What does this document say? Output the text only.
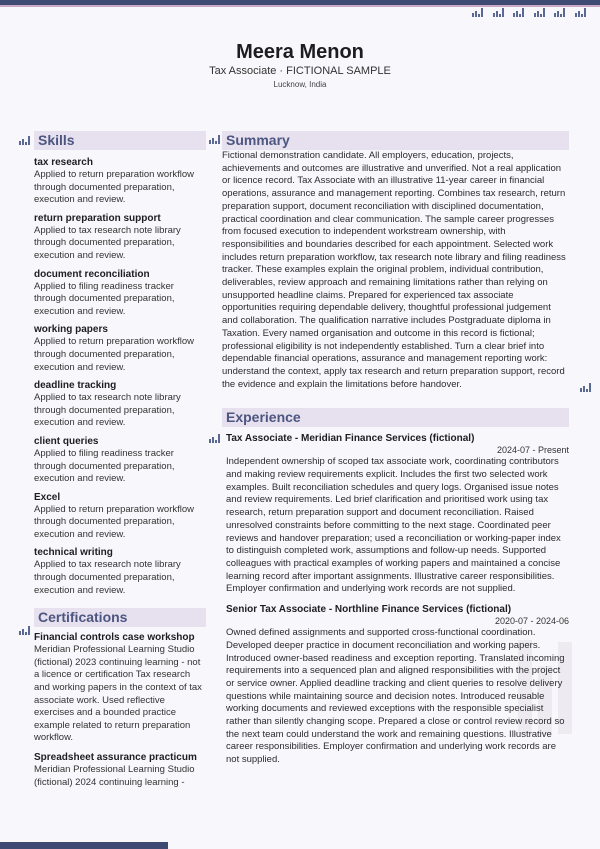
Meera Menon
Tax Associate · FICTIONAL SAMPLE
Lucknow, India
Skills
tax research
Applied to return preparation workflow through documented preparation, execution and review.
return preparation support
Applied to tax research note library through documented preparation, execution and review.
document reconciliation
Applied to filing readiness tracker through documented preparation, execution and review.
working papers
Applied to return preparation workflow through documented preparation, execution and review.
deadline tracking
Applied to tax research note library through documented preparation, execution and review.
client queries
Applied to filing readiness tracker through documented preparation, execution and review.
Excel
Applied to return preparation workflow through documented preparation, execution and review.
technical writing
Applied to tax research note library through documented preparation, execution and review.
Certifications
Financial controls case workshop
Meridian Professional Learning Studio (fictional) 2023 continuing learning - not a licence or certification Tax research and working papers in the context of tax associate work. Used reflective exercises and a bounded practice example related to return preparation workflow.
Spreadsheet assurance practicum
Meridian Professional Learning Studio (fictional) 2024 continuing learning -
Summary
Fictional demonstration candidate. All employers, education, projects, achievements and outcomes are illustrative and unverified. Not a real application or licence record. Tax Associate with an illustrative 11-year career in financial operations, assurance and management reporting. Combines tax research, return preparation support, document reconciliation with disciplined documentation, practical coordination and clear communication. The sample career progresses from focused execution to independent workstream ownership, with responsibilities and boundaries described for each appointment. Selected work includes return preparation workflow, tax research note library and filing readiness tracker. These examples explain the original problem, individual contribution, deliverables, review approach and remaining limitations rather than relying on unsupported headline claims. Prepared for experienced tax associate opportunities requiring dependable delivery, thoughtful professional judgement and collaboration. The qualification narrative includes Postgraduate diploma in Taxation. Every named organisation and outcome in this record is fictional; professional eligibility is not independently established. Turn a clear brief into dependable financial operations, assurance and management reporting work: understand the context, apply tax research and return preparation support, record the evidence and explain the limitations before handover.
Experience
Tax Associate - Meridian Finance Services (fictional)
2024-07 - Present
Independent ownership of scoped tax associate work, coordinating contributors and making review requirements explicit. Includes the first two selected work examples. Built reconciliation schedules and query logs. Organised issue notes and review requirements. Led brief clarification and prioritised work using tax research, return preparation support and document reconciliation. Raised unresolved constraints before committing to the next stage. Coordinated peer reviews and handover preparation; used a reconciliation or working-paper index to distinguish completed work, assumptions and follow-up needs. Supported colleagues with practical examples of working papers and maintained a concise learning record after important assignments. Illustrative career responsibilities. Employer confirmation and underlying work records are not supplied.
Senior Tax Associate - Northline Finance Services (fictional)
2020-07 - 2024-06
Owned defined assignments and supported cross-functional coordination. Developed deeper practice in document reconciliation and working papers. Introduced owner-based readiness and exception reporting. Translated incoming requirements into a sequenced plan and aligned responsibilities with the project or service owner. Applied deadline tracking and client queries to resolve delivery questions while maintaining source and decision notes. Introduced reusable working documents and reviewed exceptions with the responsible specialist rather than silently changing scope. Prepared a close or control review record so the next team could understand the work and remaining questions. Illustrative career responsibilities. Employer confirmation and underlying work records are not supplied.
